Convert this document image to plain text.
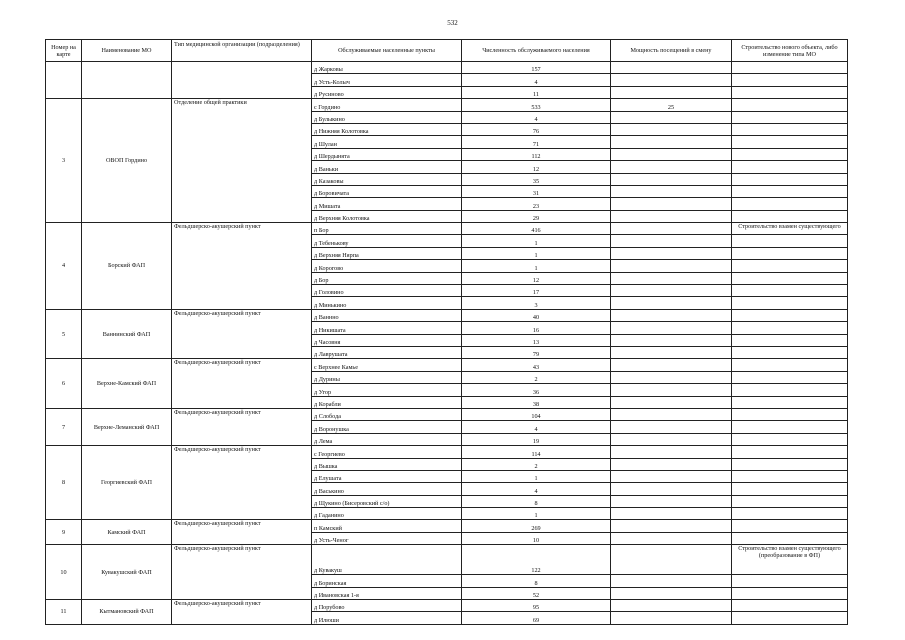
532
Номер на карте	Наименование МО	Тип медицинской организации (подразделения)	Обслуживаемые населенные пункты	Численность обслуживаемого населения	Мощность посещений в смену	Строительство нового объекта, либо изменение типа МО
			д Жарковы	157		
			д Усть-Колыч	4		
			д Русиново	11		
3	ОВОП Гордино	Отделение общей практики	с Гордино	533	25	
			д Булыкино	4		
			д Нижняя Колотовка	76		
			д Шулан	71		
			д Шердынята	112		
			д Ваньки	12		
			д Казаковы	35		
			д Боровичата	31		
			д Мишата	23		
			д Верхняя Колотовка	29		
4	Борский ФАП	Фельдшерско-акушерский пункт	п Бор	416		Строительство взамен существующего
			д Тебенькову	1		
			д Верхняя Нярпа	1		
			д Корогово	1		
			д Бор	12		
			д Головино	17		
			д Минькино	3		
5	Ваннинский ФАП	Фельдшерско-акушерский пункт	д Ваннно	40		
			д Никишата	16		
			д Часовня	13		
			д Лаврушата	79		
6	Верхне-Камский ФАП	Фельдшерско-акушерский пункт	с Верхнее Камье	43		
			д Дурины	2		
			д Угор	36		
			д Корабли	38		
7	Верхне-Леманский ФАП	Фельдшерско-акушерский пункт	д Слобода	104		
			д Воронушка	4		
			д Лема	19		
8	Георгиевский ФАП	Фельдшерско-акушерский пункт	с Георгиево	114		
			д Вышка	2		
			д Елушата	1		
			д Васькино	4		
			д Щукино (Бисеровский с/о)	8		
			д Гаданино	1		
9	Камский ФАП	Фельдшерско-акушерский пункт	п Камский	269		
			д Усть-Ченог	10		
10	Кувакушский ФАП	Фельдшерско-акушерский пункт	д Кувакуш	122		Строительство взамен существующего (преобразование в ФП)
			д Боринская	8		
			д Ивановская 1-я	52		
11	Кытмановский ФАП	Фельдшерско-акушерский пункт	д Порубово	95		
			д Илюши	69		
